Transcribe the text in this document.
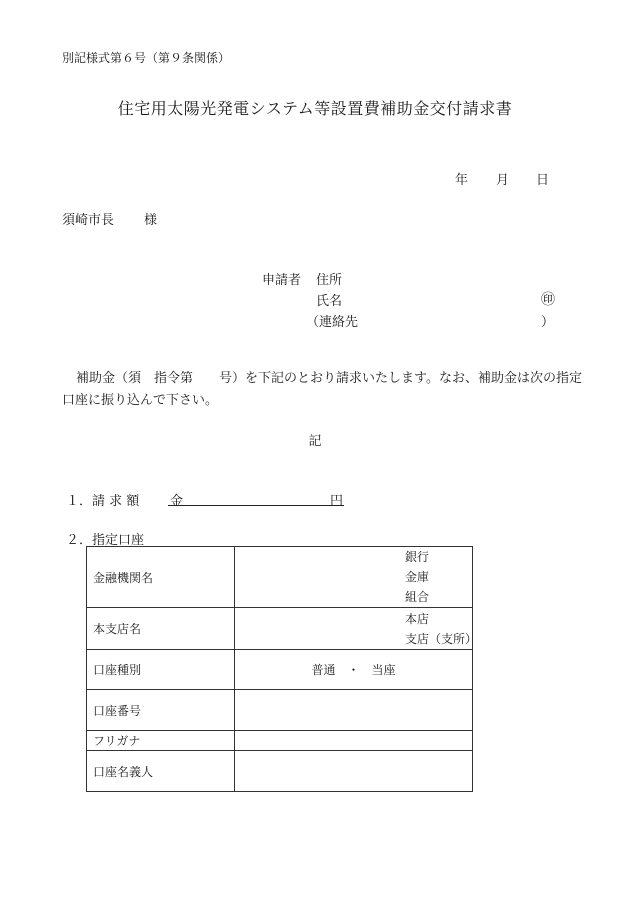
別記様式第６号（第９条関係）
住宅用太陽光発電システム等設置費補助金交付請求書
年 月 日
須崎市長 様
申請者 住所
氏名	㊞
（連絡先	）
補助金（須　指令第　　号）を下記のとおり請求いたします。なお、補助金は次の指定口座に振り込んで下さい。
記
１．請 求 額 金	円
２．指定口座
金融機関名	銀行
金庫
組合

本支店名	本店
支店（支所）

口座種別	普通　・　当座
口座番号	
フリガナ	
口座名義人	
